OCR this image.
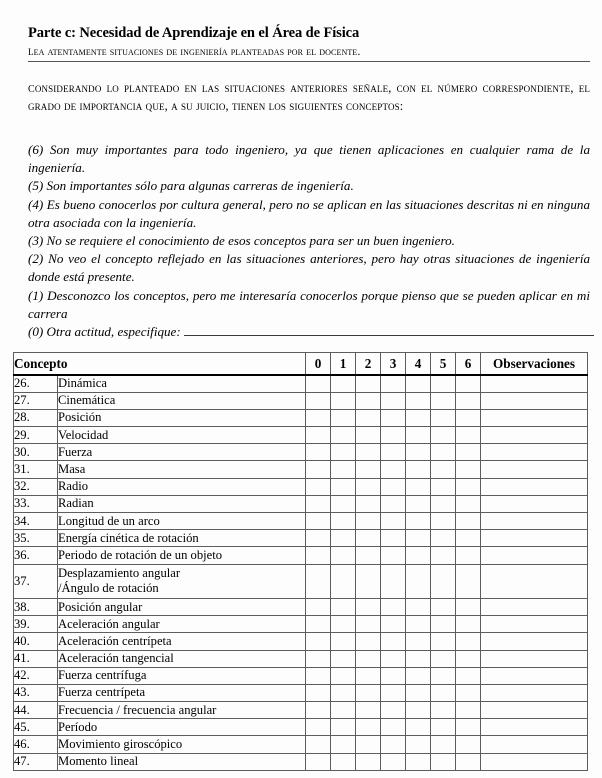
Parte c: Necesidad de Aprendizaje en el Área de Física
lea atentamente situaciones de ingeniería planteadas por el docente.
considerando lo planteado en las situaciones anteriores señale, con el número correspondiente, el grado de importancia que, a su juicio, tienen los siguientes conceptos:

(6) Son muy importantes para todo ingeniero, ya que tienen aplicaciones en cualquier rama de la ingeniería.

(5) Son importantes sólo para algunas carreras de ingeniería.

(4) Es bueno conocerlos por cultura general, pero no se aplican en las situaciones descritas ni en ninguna otra asociada con la ingeniería.

(3) No se requiere el conocimiento de esos conceptos para ser un buen ingeniero.

(2) No veo el concepto reflejado en las situaciones anteriores, pero hay otras situaciones de ingeniería donde está presente.

(1) Desconozco los conceptos, pero me interesaría conocerlos porque pienso que se pueden aplicar en mi carrera

(0) Otra actitud, especifique:

Concepto		0	1	2	3	4	5	6	Observaciones
26.	Dinámica								
27.	Cinemática								
28.	Posición								
29.	Velocidad								
30.	Fuerza								
31.	Masa								
32.	Radio								
33.	Radian								
34.	Longitud de un arco								
35.	Energía cinética de rotación								
36.	Periodo de rotación de un objeto								
37.	Desplazamiento angular
/Ángulo de rotación								

38.	Posición angular								
39.	Aceleración angular								
40.	Aceleración centrípeta								
41.	Aceleración tangencial								
42.	Fuerza centrífuga								
43.	Fuerza centrípeta								
44.	Frecuencia / frecuencia angular								
45.	Período								
46.	Movimiento giroscópico								
47.	Momento lineal								
